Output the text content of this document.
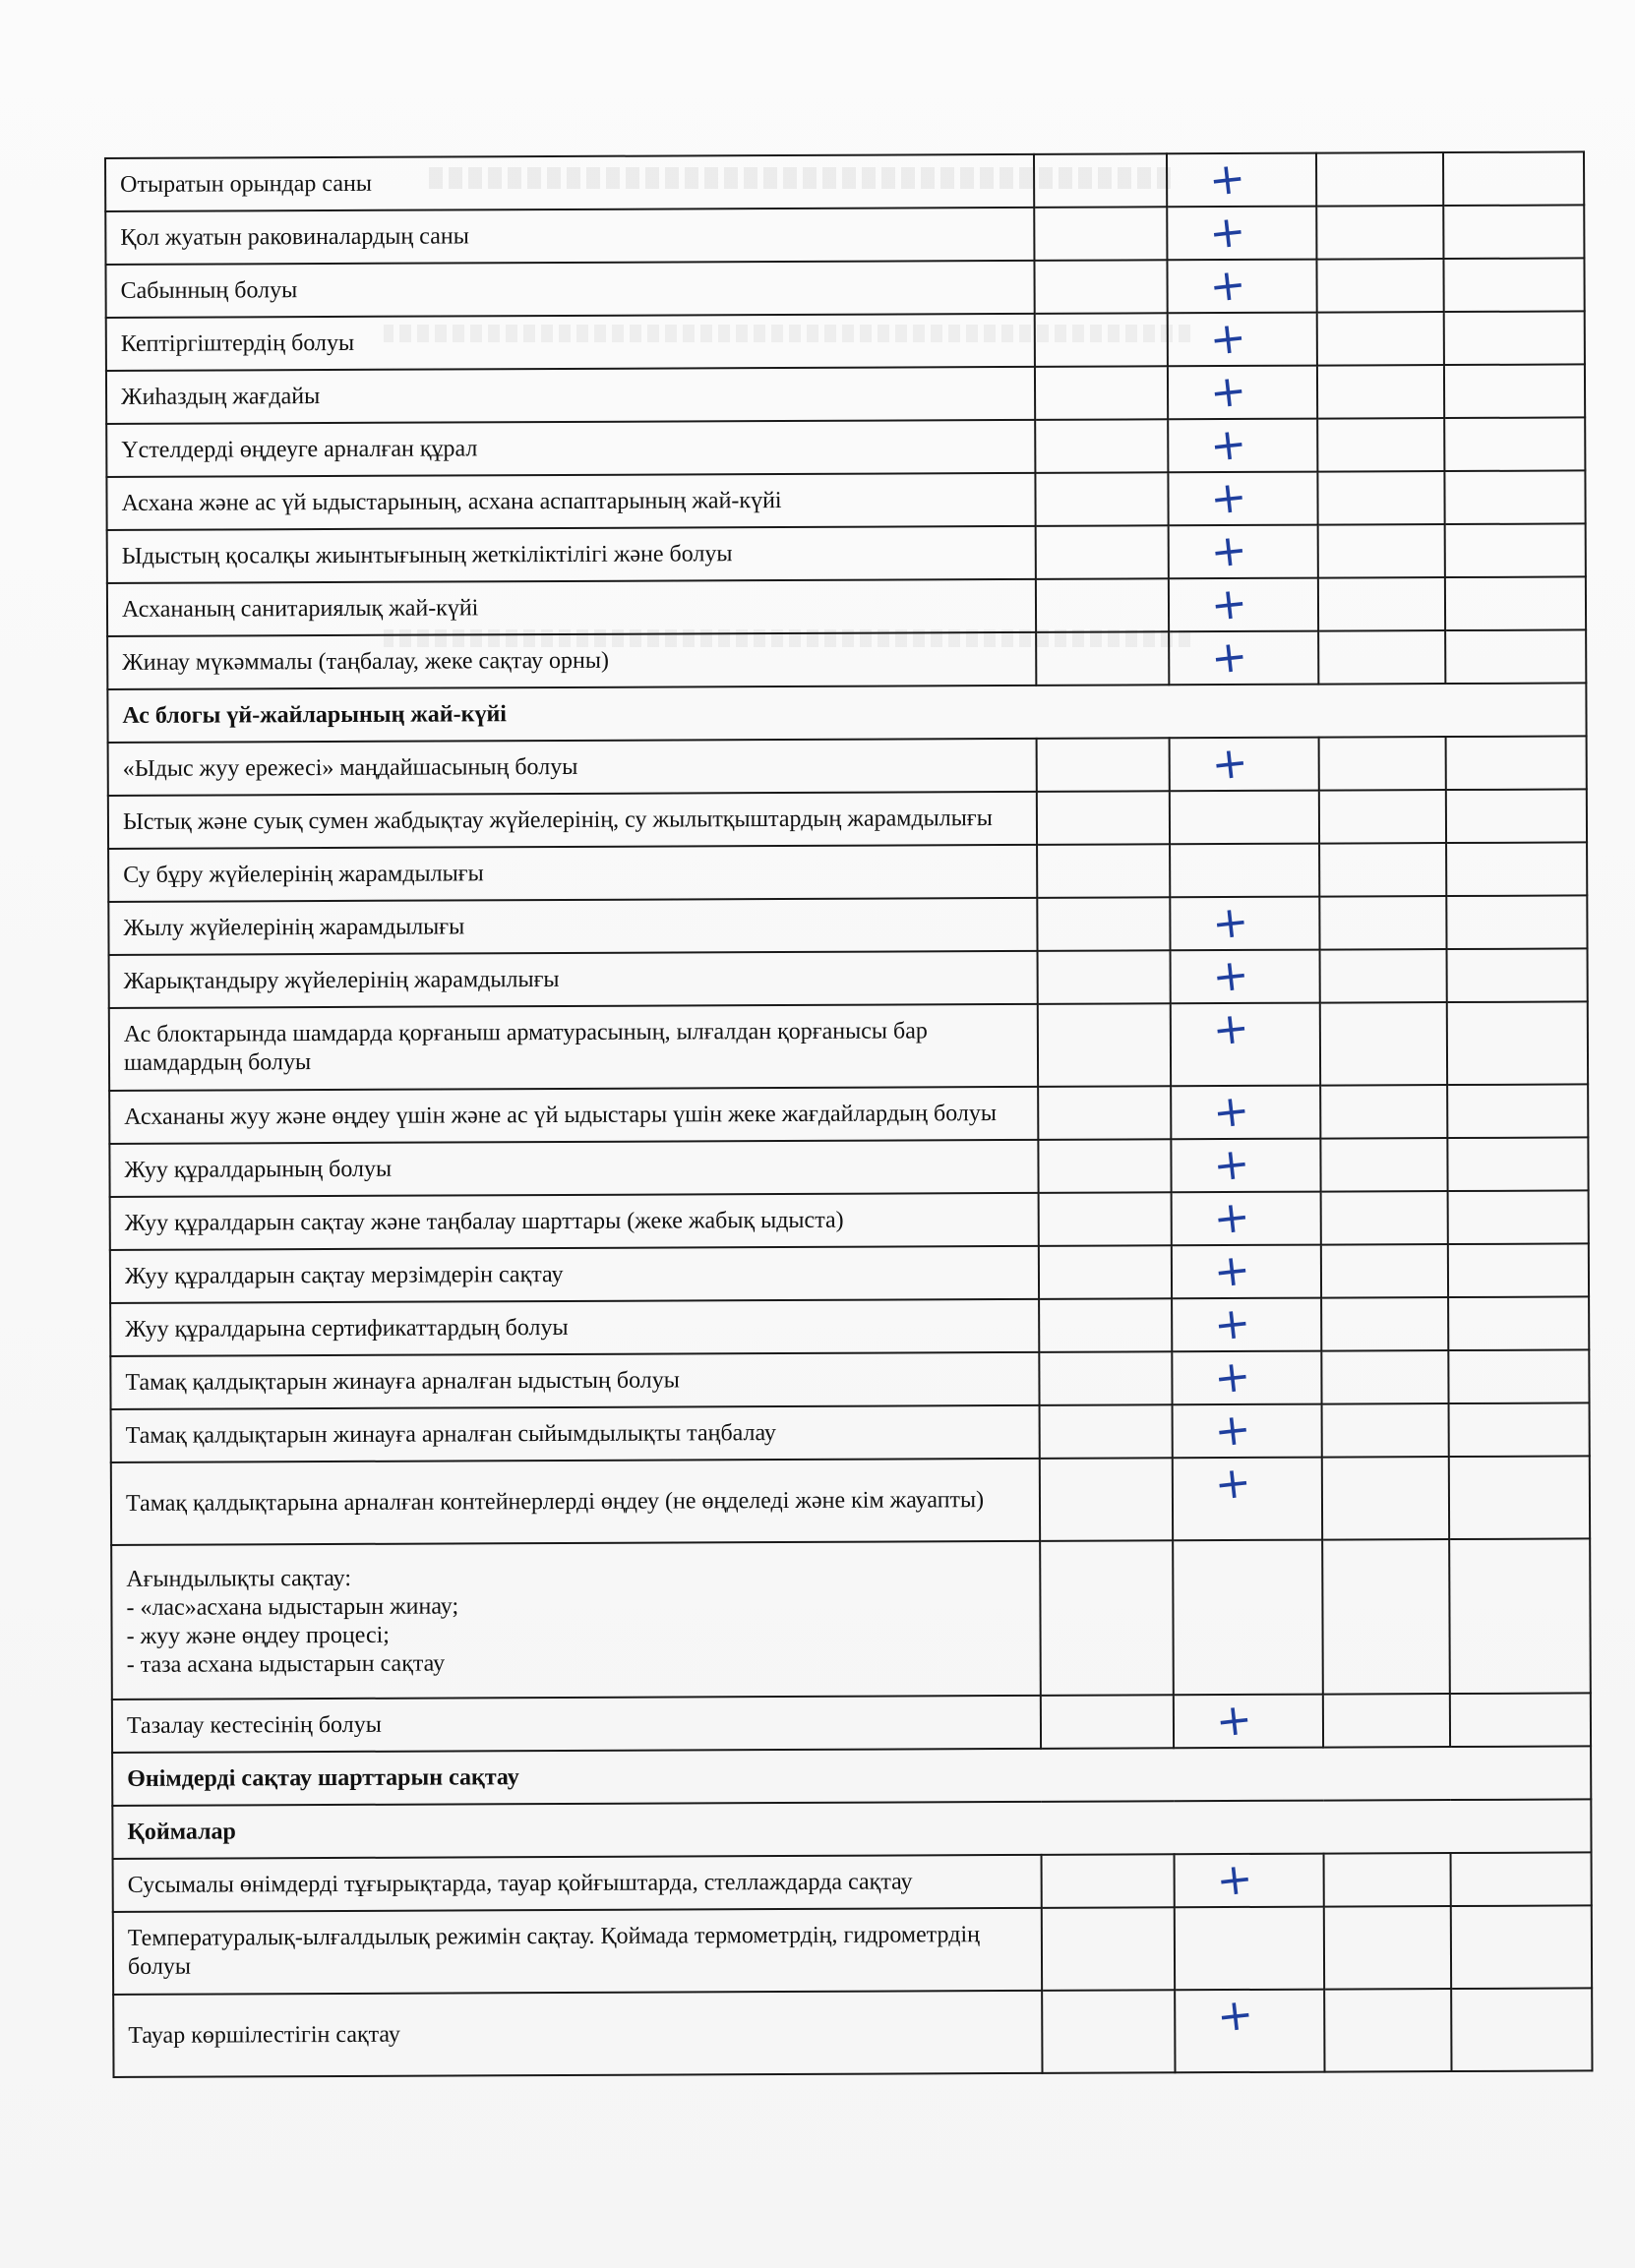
Отыратын орындар саны		+		

Қол жуатын раковиналардың саны		+		

Сабынның болуы		+		

Кептіргіштердің болуы		+		

Жиһаздың жағдайы		+		

Үстелдерді өңдеуге арналған құрал		+		

Асхана және ас үй ыдыстарының, асхана аспаптарының жай-күйі		+		

Ыдыстың қосалқы жиынтығының жеткіліктілігі және болуы		+		

Асхананың санитариялық жай-күйі		+		

Жинау мүкәммалы (таңбалау, жеке сақтау орны)		+		

Ас блогы үй-жайларының жай-күйі				
«Ыдыс жуу ережесі» маңдайшасының болуы		+		

Ыстық және суық сумен жабдықтау жүйелерінің, су жылытқыштардың жарамдылығы		

Су бұру жүйелерінің жарамдылығы		

Жылу жүйелерінің жарамдылығы		+		

Жарықтандыру жүйелерінің жарамдылығы		+		

Ас блоктарында шамдарда қорғаныш арматурасының, ылғалдан қорғанысы бар шамдардың болуы		+		

Асхананы жуу және өңдеу үшін және ас үй ыдыстары үшін жеке жағдайлардың болуы		+		

Жуу құралдарының болуы		+		

Жуу құралдарын сақтау және таңбалау шарттары (жеке жабық ыдыста)		+		

Жуу құралдарын сақтау мерзімдерін сақтау		+		

Жуу құралдарына сертификаттардың болуы		+		

Тамақ қалдықтарын жинауға арналған ыдыстың болуы		+		

Тамақ қалдықтарын жинауға арналған сыйымдылықты таңбалау		+		

Тамақ қалдықтарына арналған контейнерлерді өңдеу (не өңделеді және кім жауапты)		+		

Ағындылықты сақтау:
- «лас»асхана ыдыстарын жинау;
- жуу және өңдеу процесі;
- таза асхана ыдыстарын сақтау		

Тазалау кестесінің болуы		+		

Өнімдерді сақтау шарттарын сақтау				
Қоймалар				
Сусымалы өнімдерді тұғырықтарда, тауар қойғыштарда, стеллаждарда сақтау		+		

Температуралық-ылғалдылық режимін сақтау. Қоймада термометрдің, гидрометрдің болуы		

Тауар көршілестігін сақтау		+		
